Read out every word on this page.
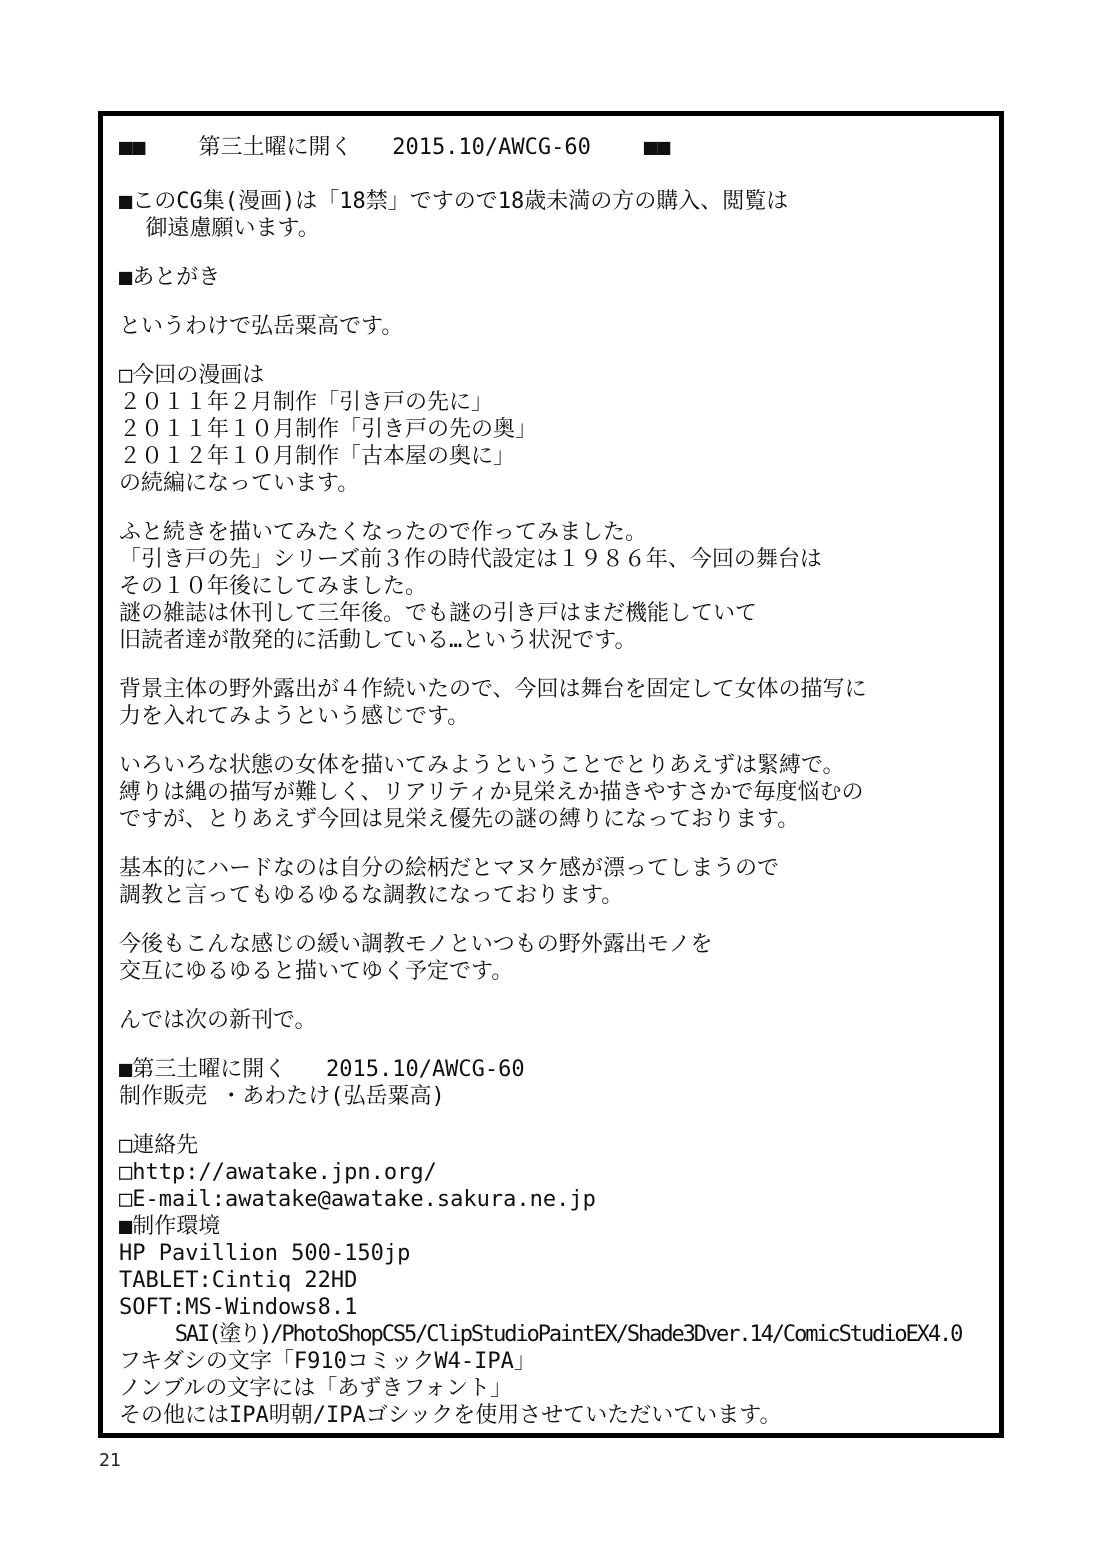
■■    第三土曜に開く   2015.10/AWCG-60    ■■
■このCG集(漫画)は「18禁」ですので18歳未満の方の購入、閲覧は
御遠慮願います。
■あとがき
というわけで弘岳粟高です。
□今回の漫画は
２０１１年２月制作「引き戸の先に」
２０１１年１０月制作「引き戸の先の奥」
２０１２年１０月制作「古本屋の奥に」
の続編になっています。
ふと続きを描いてみたくなったので作ってみました。
「引き戸の先」シリーズ前３作の時代設定は１９８６年、今回の舞台は
その１０年後にしてみました。
謎の雑誌は休刊して三年後。でも謎の引き戸はまだ機能していて
旧読者達が散発的に活動している…という状況です。
背景主体の野外露出が４作続いたので、今回は舞台を固定して女体の描写に
力を入れてみようという感じです。
いろいろな状態の女体を描いてみようということでとりあえずは緊縛で。
縛りは縄の描写が難しく、リアリティか見栄えか描きやすさかで毎度悩むの
ですが、とりあえず今回は見栄え優先の謎の縛りになっております。
基本的にハードなのは自分の絵柄だとマヌケ感が漂ってしまうので
調教と言ってもゆるゆるな調教になっております。
今後もこんな感じの緩い調教モノといつもの野外露出モノを
交互にゆるゆると描いてゆく予定です。
んでは次の新刊で。
■第三土曜に開く   2015.10/AWCG-60
制作販売 ・あわたけ(弘岳粟高)
□連絡先
□http://awatake.jpn.org/
□E-mail:awatake@awatake.sakura.ne.jp
■制作環境
HP Pavillion 500-150jp
TABLET:Cintiq 22HD
SOFT:MS-Windows8.1
SAI(塗り)/PhotoShopCS5/ClipStudioPaintEX/Shade3Dver.14/ComicStudioEX4.0
フキダシの文字「F910コミックW4-IPA」
ノンブルの文字には「あずきフォント」
その他にはIPA明朝/IPAゴシックを使用させていただいています。
21
